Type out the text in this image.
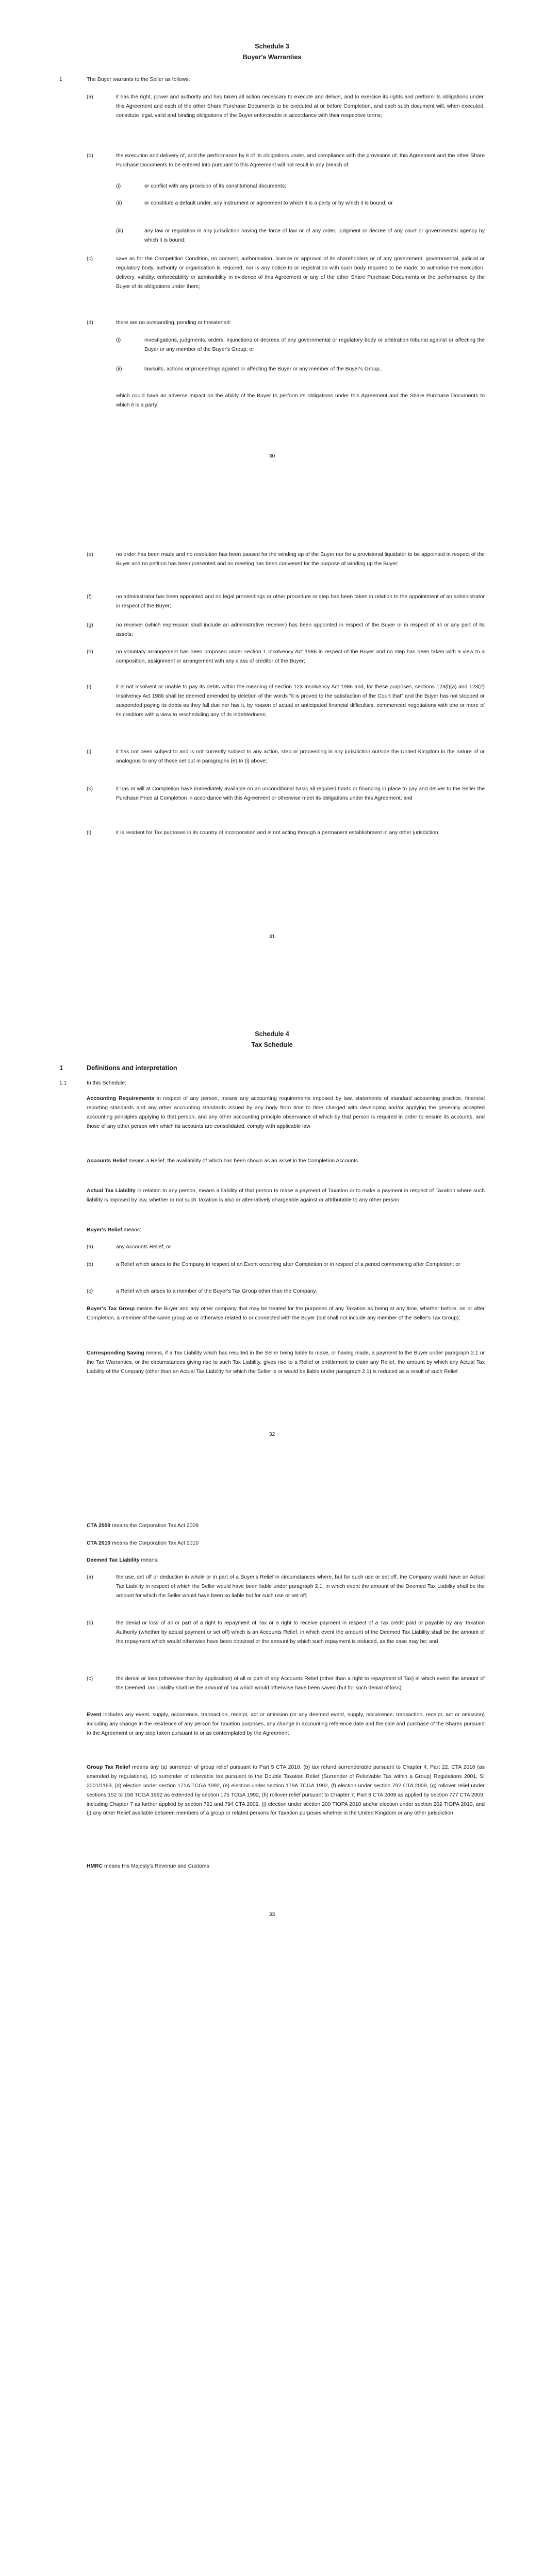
Schedule 3
Buyer's Warranties
1	The Buyer warrants to the Seller as follows:
(a)	it has the right, power and authority and has taken all action necessary to execute and deliver, and to exercise its rights and perform its obligations under, this Agreement and each of the other Share Purchase Documents to be executed at or before Completion, and each such document will, when executed, constitute legal, valid and binding obligations of the Buyer enforceable in accordance with their respective terms;

(b)	the execution and delivery of, and the performance by it of its obligations under, and compliance with the provisions of, this Agreement and the other Share Purchase Documents to be entered into pursuant to this Agreement will not result in any breach of:

(i)	or conflict with any provision of its constitutional documents;

(ii)	or constitute a default under, any instrument or agreement to which it is a party or by which it is bound; or

(iii)	any law or regulation in any jurisdiction having the force of law or of any order, judgment or decree of any court or governmental agency by which it is bound;

(c)	save as for the Competition Condition, no consent, authorisation, licence or approval of its shareholders or of any government, governmental, judicial or regulatory body, authority or organisation is required, nor is any notice to or registration with such body required to be made, to authorise the execution, delivery, validity, enforceability or admissibility in evidence of this Agreement or any of the other Share Purchase Documents or the performance by the Buyer of its obligations under them;

(d)	there are no outstanding, pending or threatened:

(i)	investigations, judgments, orders, injunctions or decrees of any governmental or regulatory body or arbitration tribunal against or affecting the Buyer or any member of the Buyer's Group; or

(ii)	lawsuits, actions or proceedings against or affecting the Buyer or any member of the Buyer's Group,

which could have an adverse impact on the ability of the Buyer to perform its obligations under this Agreement and the Share Purchase Documents to which it is a party;

30
(e)	no order has been made and no resolution has been passed for the winding up of the Buyer nor for a provisional liquidator to be appointed in respect of the Buyer and no petition has been presented and no meeting has been convened for the purpose of winding up the Buyer;

(f)	no administrator has been appointed and no legal proceedings or other procedure or step has been taken in relation to the appointment of an administrator in respect of the Buyer;

(g)	no receiver (which expression shall include an administrative receiver) has been appointed in respect of the Buyer or in respect of all or any part of its assets;

(h)	no voluntary arrangement has been proposed under section 1 Insolvency Act 1986 in respect of the Buyer and no step has been taken with a view to a composition, assignment or arrangement with any class of creditor of the Buyer;

(i)	it is not insolvent or unable to pay its debts within the meaning of section 123 Insolvency Act 1986 and, for these purposes, sections 123(l)(a) and 123(2) Insolvency Act 1986 shall be deemed amended by deletion of the words "it is proved to the satisfaction of the Court that" and the Buyer has not stopped or suspended paying its debts as they fall due nor has it, by reason of actual or anticipated financial difficulties, commenced negotiations with one or more of its creditors with a view to rescheduling any of its indebtedness;

(j)	it has not been subject to and is not currently subject to any action, step or proceeding in any jurisdiction outside the United Kingdom in the nature of or analogous to any of those set out in paragraphs (e) to (i) above;

(k)	it has or will at Completion have immediately available on an unconditional basis all required funds or financing in place to pay and deliver to the Seller the Purchase Price at Completion in accordance with this Agreement or otherwise meet its obligations under this Agreement; and

(l)	it is resident for Tax purposes in its country of incorporation and is not acting through a permanent establishment in any other jurisdiction.

31
Schedule 4
Tax Schedule
1	Definitions and interpretation
1.1	In this Schedule:

Accounting Requirements in respect of any person, means any accounting requirements imposed by law, statements of standard accounting practice, financial reporting standards and any other accounting standards issued by any body from time to time charged with developing and/or applying the generally accepted accounting principles applying to that person, and any other accounting principle observance of which by that person is required in order to ensure its accounts, and those of any other person with which its accounts are consolidated, comply with applicable law

Accounts Relief means a Relief, the availability of which has been shown as an asset in the Completion Accounts

Actual Tax Liability in relation to any person, means a liability of that person to make a payment of Taxation or to make a payment in respect of Taxation where such liability is imposed by law, whether or not such Taxation is also or alternatively chargeable against or attributable to any other person

Buyer's Relief means:

(a)	any Accounts Relief; or

(b)	a Relief which arises to the Company in respect of an Event occurring after Completion or in respect of a period commencing after Completion; or

(c)	a Relief which arises to a member of the Buyer's Tax Group other than the Company.

Buyer's Tax Group means the Buyer and any other company that may be treated for the purposes of any Taxation as being at any time, whether before, on or after Completion, a member of the same group as or otherwise related to or connected with the Buyer (but shall not include any member of the Seller's Tax Group);

Corresponding Saving means, if a Tax Liability which has resulted in the Seller being liable to make, or having made, a payment to the Buyer under paragraph 2.1 or the Tax Warranties, or the circumstances giving rise to such Tax Liability, gives rise to a Relief or entitlement to claim any Relief, the amount by which any Actual Tax Liability of the Company (other than an Actual Tax Liability for which the Seller is or would be liable under paragraph 2.1) is reduced as a result of such Relief

32

CTA 2009 means the Corporation Tax Act 2009

CTA 2010 means the Corporation Tax Act 2010

Deemed Tax Liability means:

(a)	the use, set off or deduction in whole or in part of a Buyer's Relief in circumstances where, but for such use or set off, the Company would have an Actual Tax Liability in respect of which the Seller would have been liable under paragraph 2.1, in which event the amount of the Deemed Tax Liability shall be the amount for which the Seller would have been so liable but for such use or set off;

(b)	the denial or loss of all or part of a right to repayment of Tax or a right to receive payment in respect of a Tax credit paid or payable by any Taxation Authority (whether by actual payment or set off) which is an Accounts Relief, in which event the amount of the Deemed Tax Liability shall be the amount of the repayment which would otherwise have been obtained or the amount by which such repayment is reduced, as the case may be; and

(c)	the denial or loss (otherwise than by application) of all or part of any Accounts Relief (other than a right to repayment of Tax) in which event the amount of the Deemed Tax Liability shall be the amount of Tax which would otherwise have been saved (but for such denial of loss)

Event includes any event, supply, occurrence, transaction, receipt, act or omission (or any deemed event, supply, occurrence, transaction, receipt, act or omission) including any change in the residence of any person for Taxation purposes, any change in accounting reference date and the sale and purchase of the Shares pursuant to the Agreement or any step taken pursuant to or as contemplated by the Agreement

Group Tax Relief means any (a) surrender of group relief pursuant to Part 5 CTA 2010, (b) tax refund surrenderable pursuant to Chapter 4, Part 22, CTA 2010 (as amended by regulations), (c) surrender of relievable tax pursuant to the Double Taxation Relief (Surrender of Relievable Tax within a Group) Regulations 2001, SI 2001/1163, (d) election under section 171A TCGA 1992, (e) election under section 179A TCGA 1992, (f) election under section 792 CTA 2009, (g) rollover relief under sections 152 to 158 TCGA 1992 as extended by section 175 TCGA 1992, (h) rollover relief pursuant to Chapter 7, Part 8 CTA 2009 as applied by section 777 CTA 2009, including Chapter 7 as further applied by section 791 and 794 CTA 2009, (i) election under section 200 TIOPA 2010 and/or election under section 202 TIOPA 2010, and (j) any other Relief available between members of a group or related persons for Taxation purposes whether in the United Kingdom or any other jurisdiction

HMRC means His Majesty's Revenue and Customs

33
